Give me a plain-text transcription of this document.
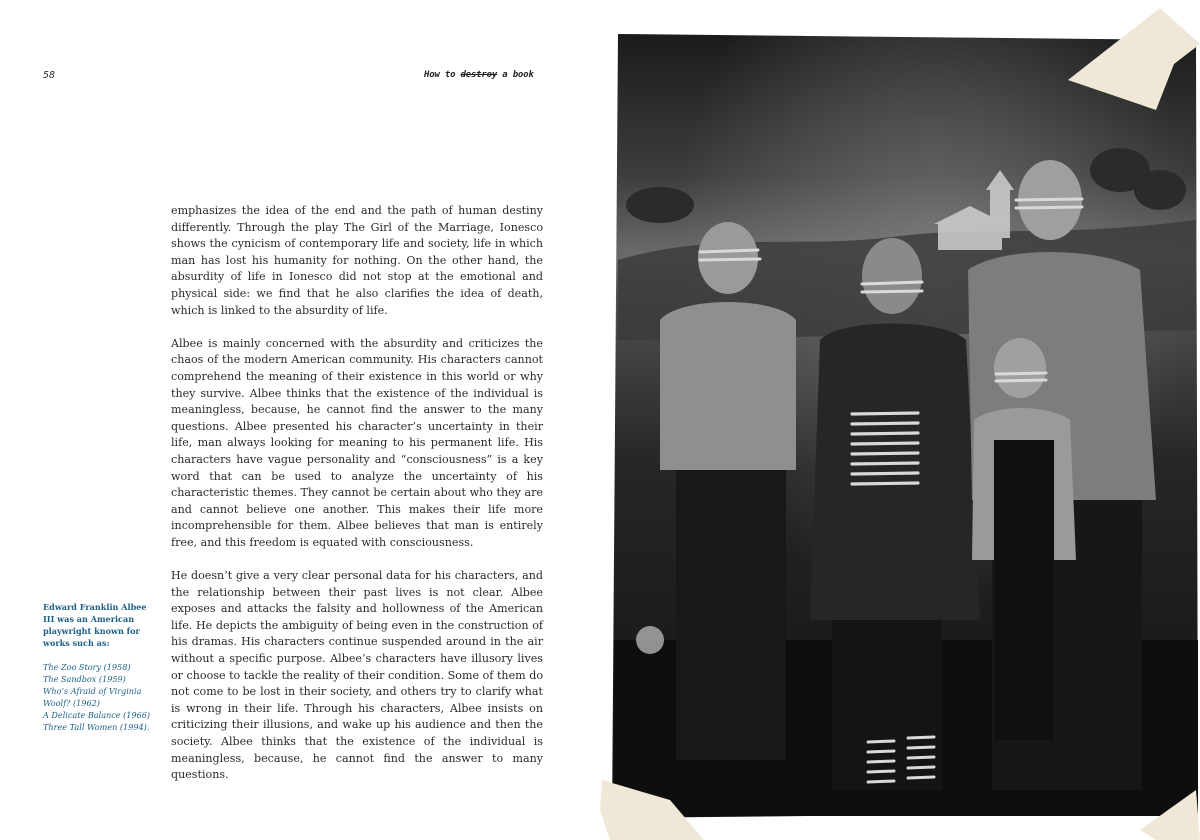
58	How to destroy a book

emphasizes the idea of the end and the path of human destiny differently. Through the play The Girl of the Marriage, Ionesco shows the cynicism of contemporary life and society, life in which man has lost his humanity for nothing. On the other hand, the absurdity of life in Ionesco did not stop at the emotional and physical side: we find that he also clarifies the idea of death, which is linked to the absurdity of life.

Albee is mainly concerned with the absurdity and criticizes the chaos of the modern American community. His characters cannot comprehend the meaning of their existence in this world or why they survive. Albee thinks that the existence of the individual is meaningless, because, he cannot find the answer to the many questions. Albee presented his character’s uncertainty in their life, man always looking for meaning to his permanent life. His characters have vague personality and “consciousness” is a key word that can be used to analyze the uncertainty of his characteristic themes. They cannot be certain about who they are and cannot believe one another. This makes their life more incomprehensible for them. Albee believes that man is entirely free, and this freedom is equated with consciousness.

He doesn’t give a very clear personal data for his characters, and the relationship between their past lives is not clear. Albee exposes and attacks the falsity and hollowness of the American life. He depicts the ambiguity of being even in the construction of his dramas. His characters continue suspended around in the air without a specific purpose. Albee’s characters have illusory lives or choose to tackle the reality of their condition. Some of them do not come to be lost in their society, and others try to clarify what is wrong in their life. Through his characters, Albee insists on criticizing their illusions, and wake up his audience and then the society. Albee thinks that the existence of the individual is meaningless, because, he cannot find the answer to many questions.

Edward Franklin Albee III was an American playwright known for works such as:

The Zoo Story (1958)
The Sandbox (1959)
Who’s Afraid of Virginia Woolf? (1962)
A Delicate Balance (1966)
Three Tall Women (1994).
